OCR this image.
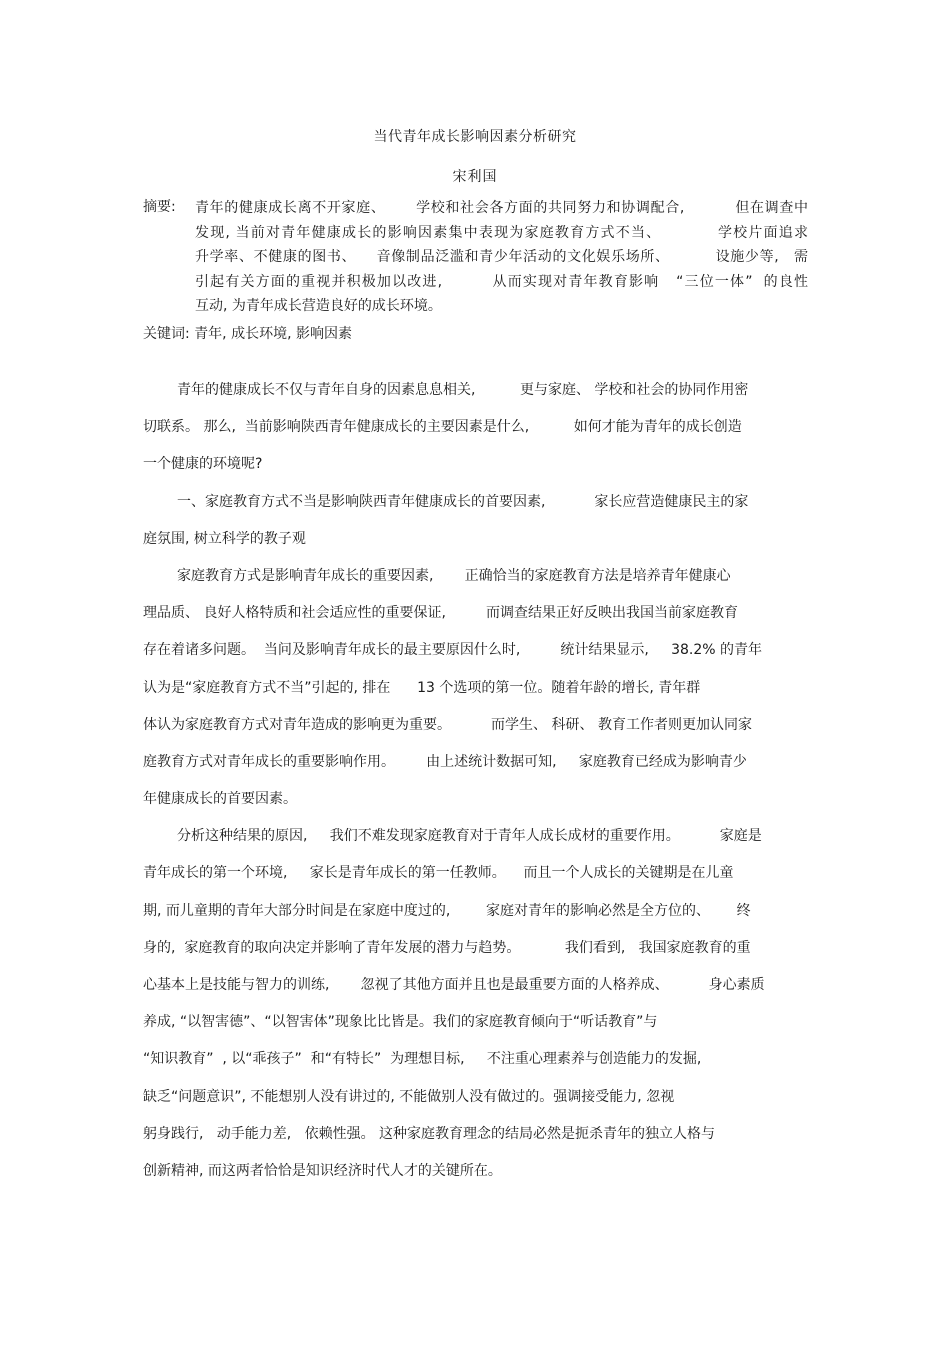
当代青年成长影响因素分析研究
宋利国
摘要: 青年的健康成长离不开家庭、      学校和社会各方面的共同努力和协调配合,          但在调查中
发现, 当前对青年健康成长的影响因素集中表现为家庭教育方式不当、          学校片面追求
升学率、不健康的图书、    音像制品泛滥和青少年活动的文化娱乐场所、         设施少等,   需
引起有关方面的重视并积极加以改进,         从而实现对青年教育影响   “三位一体”  的良性
互动, 为青年成长营造良好的成长环境。
关键词: 青年, 成长环境, 影响因素
青年的健康成长不仅与青年自身的因素息息相关,          更与家庭、 学校和社会的协同作用密
切联系。 那么,  当前影响陕西青年健康成长的主要因素是什么,          如何才能为青年的成长创造
一个健康的环境呢?
一、家庭教育方式不当是影响陕西青年健康成长的首要因素,           家长应营造健康民主的家
庭氛围, 树立科学的教子观
家庭教育方式是影响青年成长的重要因素,       正确恰当的家庭教育方法是培养青年健康心
理品质、 良好人格特质和社会适应性的重要保证,         而调查结果正好反映出我国当前家庭教育
存在着诸多问题。  当问及影响青年成长的最主要原因什么时,         统计结果显示,     38.2% 的青年
认为是“家庭教育方式不当”引起的, 排在      13 个选项的第一位。随着年龄的增长, 青年群
体认为家庭教育方式对青年造成的影响更为重要。         而学生、 科研、 教育工作者则更加认同家
庭教育方式对青年成长的重要影响作用。       由上述统计数据可知,     家庭教育已经成为影响青少
年健康成长的首要因素。
分析这种结果的原因,     我们不难发现家庭教育对于青年人成长成材的重要作用。         家庭是
青年成长的第一个环境,     家长是青年成长的第一任教师。    而且一个人成长的关键期是在儿童
期, 而儿童期的青年大部分时间是在家庭中度过的,        家庭对青年的影响必然是全方位的、      终
身的,  家庭教育的取向决定并影响了青年发展的潜力与趋势。          我们看到,   我国家庭教育的重
心基本上是技能与智力的训练,       忽视了其他方面并且也是最重要方面的人格养成、         身心素质
养成, “以智害德”、“以智害体”现象比比皆是。我们的家庭教育倾向于“听话教育”与
“知识教育”  , 以“乖孩子”  和“有特长”  为理想目标,     不注重心理素养与创造能力的发掘,
缺乏“问题意识”, 不能想别人没有讲过的, 不能做别人没有做过的。强调接受能力, 忽视
躬身践行,   动手能力差,   依赖性强。 这种家庭教育理念的结局必然是扼杀青年的独立人格与
创新精神, 而这两者恰恰是知识经济时代人才的关键所在。
